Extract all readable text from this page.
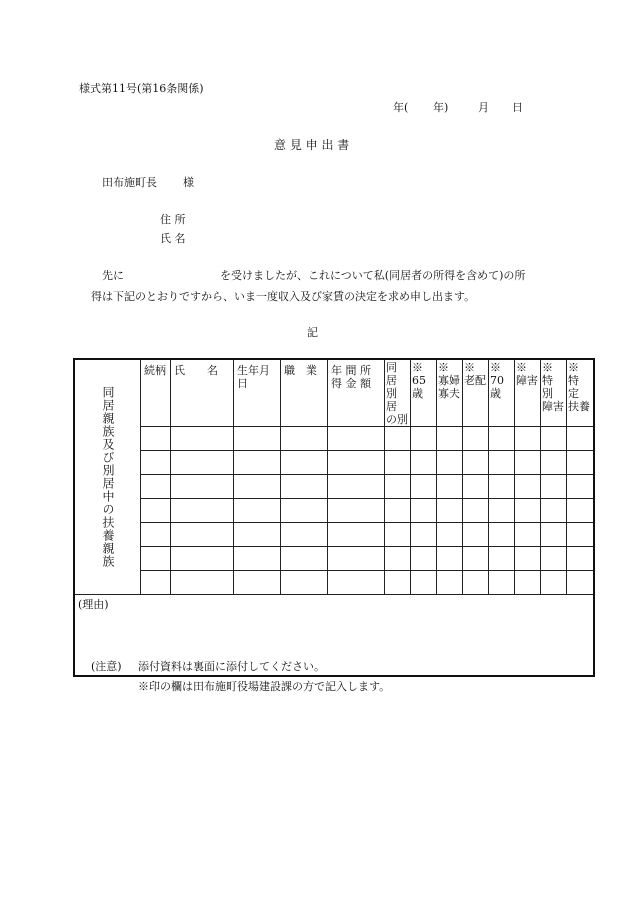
様式第11号(第16条関係)
年( 年)	月 日
意 見 申 出 書
田布施町長 様
住 所
氏 名
先に	を受けましたが、これについて私(同居者の所得を含めて)の所
得は下記のとおりですから、いま一度収入及び家賃の決定を求め申し出ます。
記
同居親族及び別居中の扶養親族	続柄	氏　　名	生年月日	職　業	年 間 所 得 金 額	同 居 別 居 の別	※ 65 歳	※ 寡婦 寡夫	※ 老配	※ 70 歳	※ 障害	※ 特 別 障害	※ 特 定 扶養

(理由)													
(注意) 添付資料は裏面に添付してください。
※印の欄は田布施町役場建設課の方で記入します。
